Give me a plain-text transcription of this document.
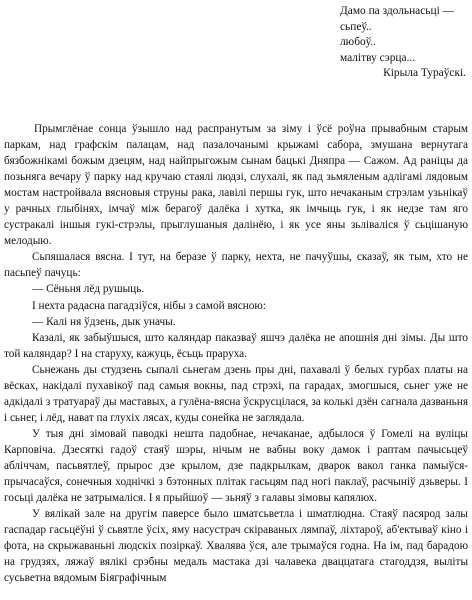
Дамо па здольнасьці —
сьпеў..
любоў..
малітву сэрца...
Кірыла Тураўскі.

Прымглёнае сонца ўзышло над распранутым за зіму і ўсё роўна прывабным старым паркам, над графскім палацам, над пазалочанымі крыжамі сабора, змушана вернутага бязбожнікамі божым дзецям, над найпрыгожым сынам бацькі Дняпра — Сажом. Ад раніцы да позьняга вечару ў парку над кручаю стаялі людзі, слухалі, як пад зьмяленым адлігамі лядовым мостам настройвала вясновыя струны рака, лавілі першы гук, што нечаканым стрэлам узьнікаў у рачных глыбінях, імчаў між берагоў далёка і хутка, як імчыць гук, і як недзе там яго сустракалі іншыя гукі-стрэлы, прыглушаныя далінёю, і як усе яны зьліваліся ў сьцішаную мелодыю.

Сьпяшалася вясна. І тут, на беразе ў парку, нехта, не пачуўшы, сказаў, як тым, хто не пасьпеў пачуць:

— Сёньня лёд рушыць.

І нехта радасна пагадзіўся, нібы з самой вясною:

— Калі ня ўдзень, дык уначы.

Казалі, як забыўшыся, што каляндар паказваў яшчэ далёка не апошнія дні зімы. Ды што той каляндар? І на старуху, кажуць, ёсьць праруха.

Сьнежань ды студзень сыпалі сьнегам дзень пры дні, пахавалі ў белых гурбах платы на вёсках, накідалі пухавікоў пад самыя вокны, пад стрэхі, па гарадах, змогшыся, сьнег уже не адкідалі з тратуараў ды маставых, а гулёна-вясна ўскрусцілася, за колькі дзён сагнала дазваньня і сьнег, і лёд, нават па глухіх лясах, куды сонейка не заглядала.

У тыя дні зімовай паводкі нешта падобнае, нечаканае, адбылося ў Гомелі на вуліцы Карповіча. Дзесяткі гадоў стаяў шэры, нічым не вабны воку дамок і раптам пачысьцеў абліччам, пасьвятлеў, прырос дзе крылом, дзе падкрылкам, дварок вакол ганка памыўся-прычасаўся, сонечныя ходнічкі з бэтонных плітак гасьцям пад ногі паклаў, расчыніў дзьверы. І госьці далёка не затрымаліся. І я прыйшоў — зьняў з галавы зімовы капялюх.

У вялікай зале на другім паверсе было шматсьветла і шматлюдна. Стаяў пасярод залы гаспадар гасьцёўні ў сьвятле ўсіх, яму насустрач скіраваных лямпаў, ліхтароў, аб'ектываў кіно і фота, на скрыжаваньні людскіх позіркаў. Хвалява ўся, але трымаўся годна. На ім, пад барадою на грудзях, ляжаў вялікі срэбны медаль мастака дзі чалавека дваццатага стагоддзя, выліты сусьветна вядомым Біяграфічным
